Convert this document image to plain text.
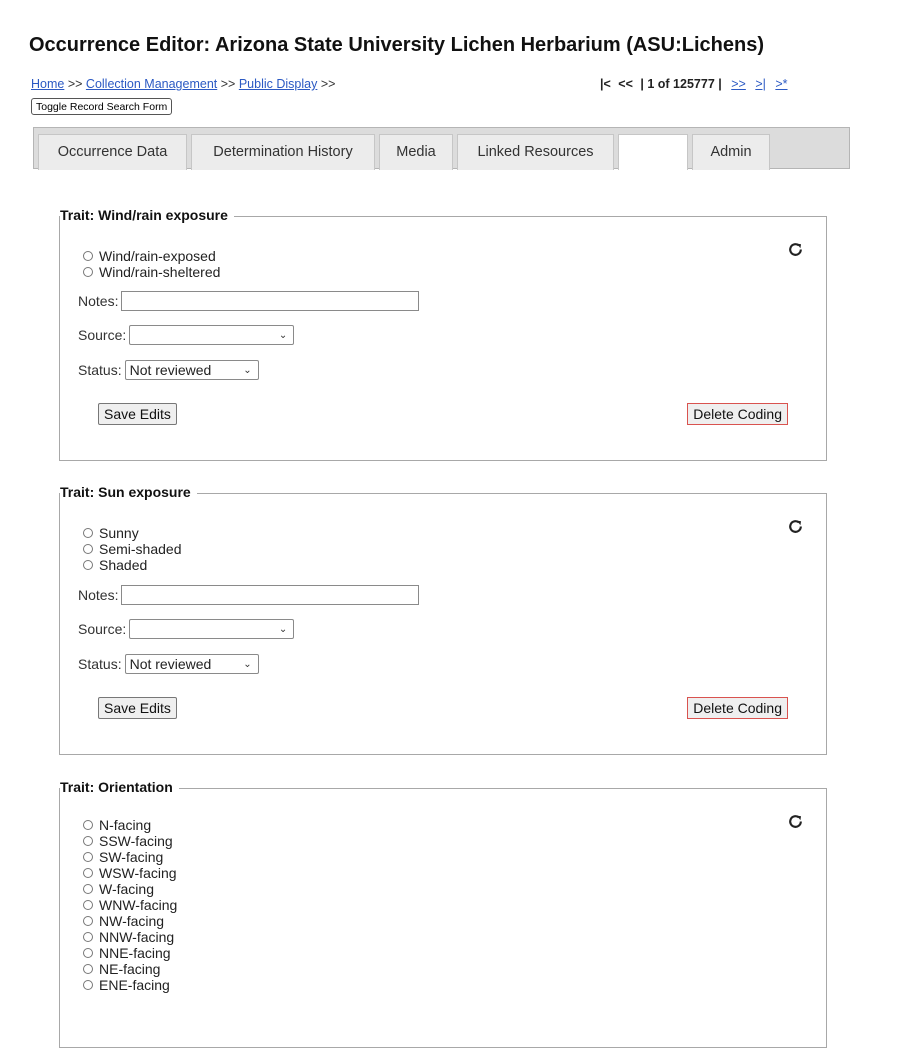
Occurrence Editor: Arizona State University Lichen Herbarium (ASU:Lichens)
Home >> Collection Management >> Public Display >>	|< << | 1 of 125777 | >> >| >*
Toggle Record Search Form
Occurrence Data	Determination History	Media	Linked Resources	Traits	Admin
Trait: Wind/rain exposure
Wind/rain-exposed
Wind/rain-sheltered
Notes:
Source:	⌄
Status: Not reviewed	⌄
Save Edits	Delete Coding
Trait: Sun exposure
Sunny
Semi-shaded
Shaded
Notes:
Source:	⌄
Status: Not reviewed	⌄
Save Edits	Delete Coding
Trait: Orientation
N-facing
SSW-facing
SW-facing
WSW-facing
W-facing
WNW-facing
NW-facing
NNW-facing
NNE-facing
NE-facing
ENE-facing
